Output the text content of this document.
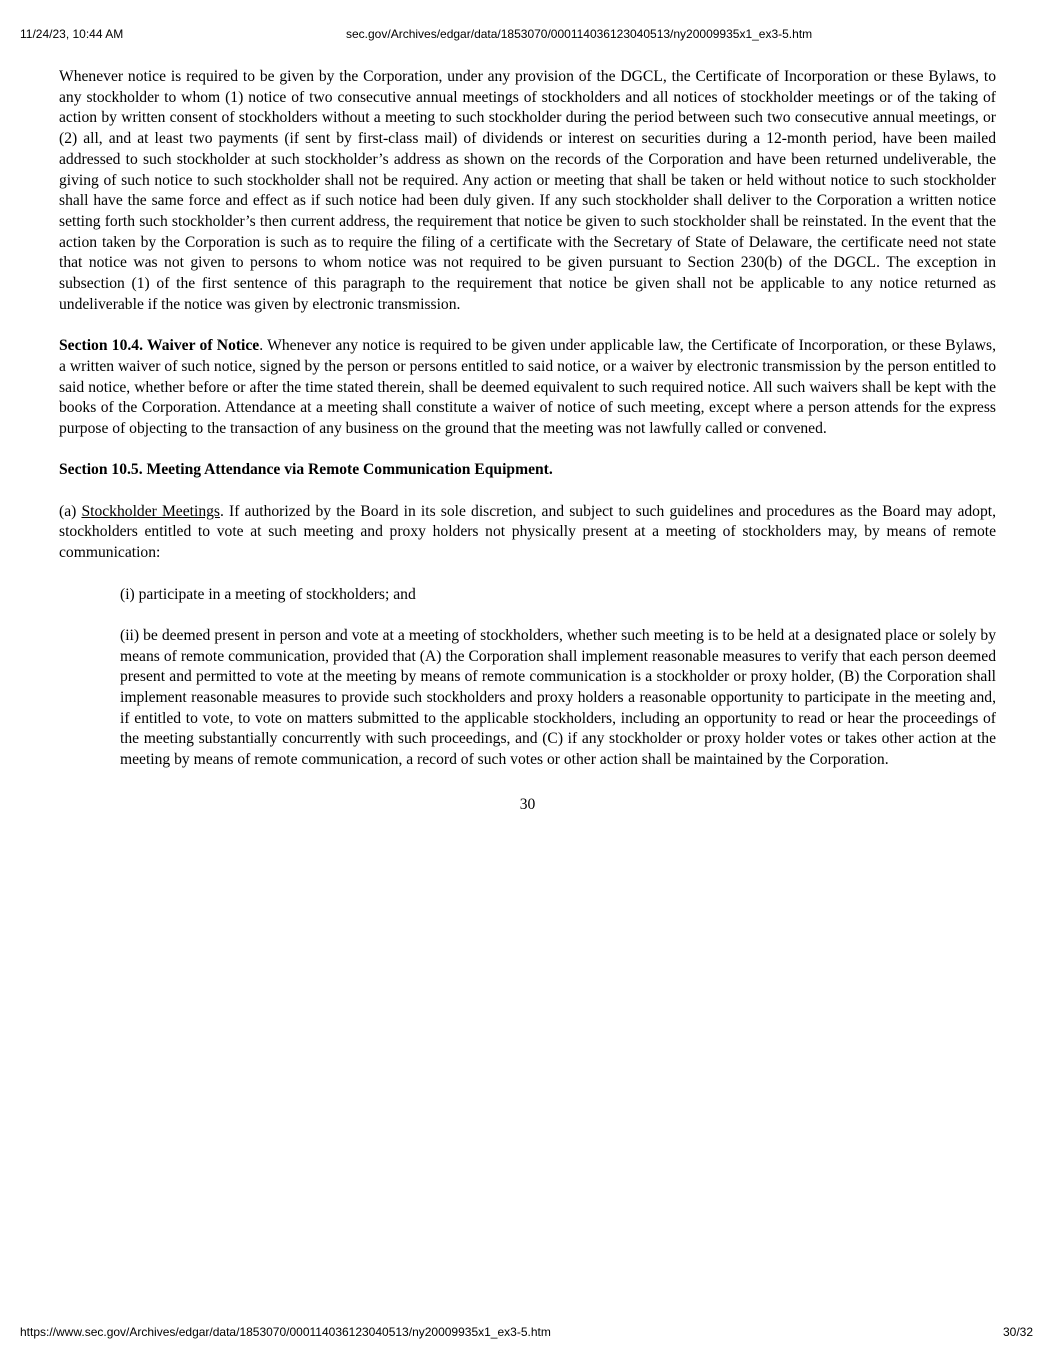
11/24/23, 10:44 AM	sec.gov/Archives/edgar/data/1853070/000114036123040513/ny20009935x1_ex3-5.htm

Whenever notice is required to be given by the Corporation, under any provision of the DGCL, the Certificate of Incorporation or these Bylaws, to any stockholder to whom (1) notice of two consecutive annual meetings of stockholders and all notices of stockholder meetings or of the taking of action by written consent of stockholders without a meeting to such stockholder during the period between such two consecutive annual meetings, or (2) all, and at least two payments (if sent by first-class mail) of dividends or interest on securities during a 12-month period, have been mailed addressed to such stockholder at such stockholder’s address as shown on the records of the Corporation and have been returned undeliverable, the giving of such notice to such stockholder shall not be required. Any action or meeting that shall be taken or held without notice to such stockholder shall have the same force and effect as if such notice had been duly given. If any such stockholder shall deliver to the Corporation a written notice setting forth such stockholder’s then current address, the requirement that notice be given to such stockholder shall be reinstated. In the event that the action taken by the Corporation is such as to require the filing of a certificate with the Secretary of State of Delaware, the certificate need not state that notice was not given to persons to whom notice was not required to be given pursuant to Section 230(b) of the DGCL. The exception in subsection (1) of the first sentence of this paragraph to the requirement that notice be given shall not be applicable to any notice returned as undeliverable if the notice was given by electronic transmission.

Section 10.4. Waiver of Notice. Whenever any notice is required to be given under applicable law, the Certificate of Incorporation, or these Bylaws, a written waiver of such notice, signed by the person or persons entitled to said notice, or a waiver by electronic transmission by the person entitled to said notice, whether before or after the time stated therein, shall be deemed equivalent to such required notice. All such waivers shall be kept with the books of the Corporation. Attendance at a meeting shall constitute a waiver of notice of such meeting, except where a person attends for the express purpose of objecting to the transaction of any business on the ground that the meeting was not lawfully called or convened.

Section 10.5. Meeting Attendance via Remote Communication Equipment.

(a) Stockholder Meetings. If authorized by the Board in its sole discretion, and subject to such guidelines and procedures as the Board may adopt, stockholders entitled to vote at such meeting and proxy holders not physically present at a meeting of stockholders may, by means of remote communication:

(i) participate in a meeting of stockholders; and

(ii) be deemed present in person and vote at a meeting of stockholders, whether such meeting is to be held at a designated place or solely by means of remote communication, provided that (A) the Corporation shall implement reasonable measures to verify that each person deemed present and permitted to vote at the meeting by means of remote communication is a stockholder or proxy holder, (B) the Corporation shall implement reasonable measures to provide such stockholders and proxy holders a reasonable opportunity to participate in the meeting and, if entitled to vote, to vote on matters submitted to the applicable stockholders, including an opportunity to read or hear the proceedings of the meeting substantially concurrently with such proceedings, and (C) if any stockholder or proxy holder votes or takes other action at the meeting by means of remote communication, a record of such votes or other action shall be maintained by the Corporation.

30
https://www.sec.gov/Archives/edgar/data/1853070/000114036123040513/ny20009935x1_ex3-5.htm	30/32
